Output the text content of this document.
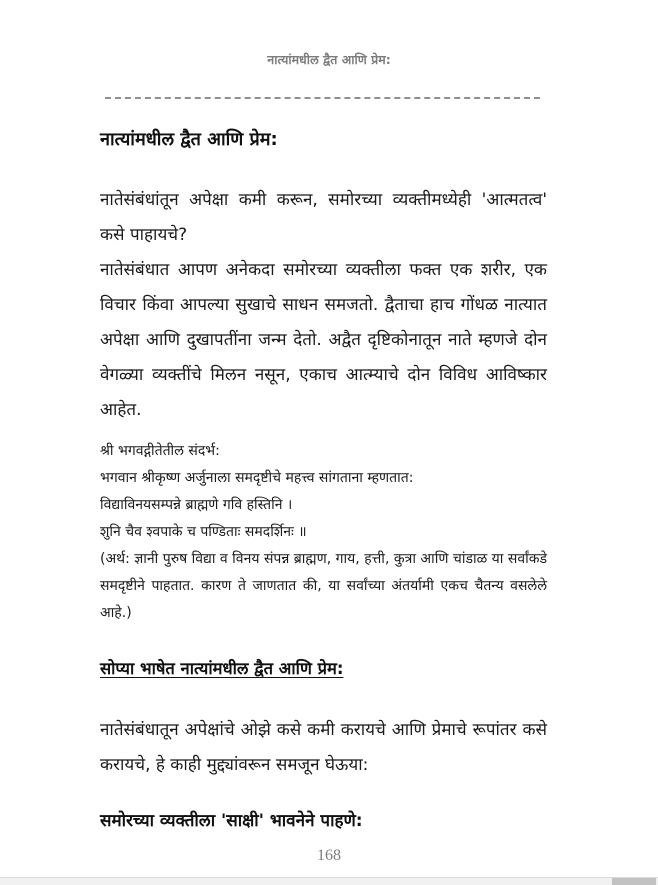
नात्यांमधील द्वैत आणि प्रेम:
नात्यांमधील द्वैत आणि प्रेम:

नातेसंबंधांतून अपेक्षा कमी करून, समोरच्या व्यक्तीमध्येही 'आत्मतत्व' कसे पाहायचे?

नातेसंबंधात आपण अनेकदा समोरच्या व्यक्तीला फक्त एक शरीर, एक विचार किंवा आपल्या सुखाचे साधन समजतो. द्वैताचा हाच गोंधळ नात्यात अपेक्षा आणि दुखापतींना जन्म देतो. अद्वैत दृष्टिकोनातून नाते म्हणजे दोन वेगळ्या व्यक्तींचे मिलन नसून, एकाच आत्म्याचे दोन विविध आविष्कार आहेत.

श्री भगवद्गीतेतील संदर्भ:

भगवान श्रीकृष्ण अर्जुनाला समदृष्टीचे महत्त्व सांगताना म्हणतात:

विद्याविनयसम्पन्ने ब्राह्मणे गवि हस्तिनि ।

शुनि चैव श्वपाके च पण्डिताः समदर्शिनः ॥

(अर्थ: ज्ञानी पुरुष विद्या व विनय संपन्न ब्राह्मण, गाय, हत्ती, कुत्रा आणि चांडाळ या सर्वांकडे समदृष्टीने पाहतात. कारण ते जाणतात की, या सर्वांच्या अंतर्यामी एकच चैतन्य वसलेले आहे.)

सोप्या भाषेत नात्यांमधील द्वैत आणि प्रेम:

नातेसंबंधातून अपेक्षांचे ओझे कसे कमी करायचे आणि प्रेमाचे रूपांतर कसे करायचे, हे काही मुद्द्यांवरून समजून घेऊया:

समोरच्या व्यक्तीला 'साक्षी' भावनेने पाहणे:
168
